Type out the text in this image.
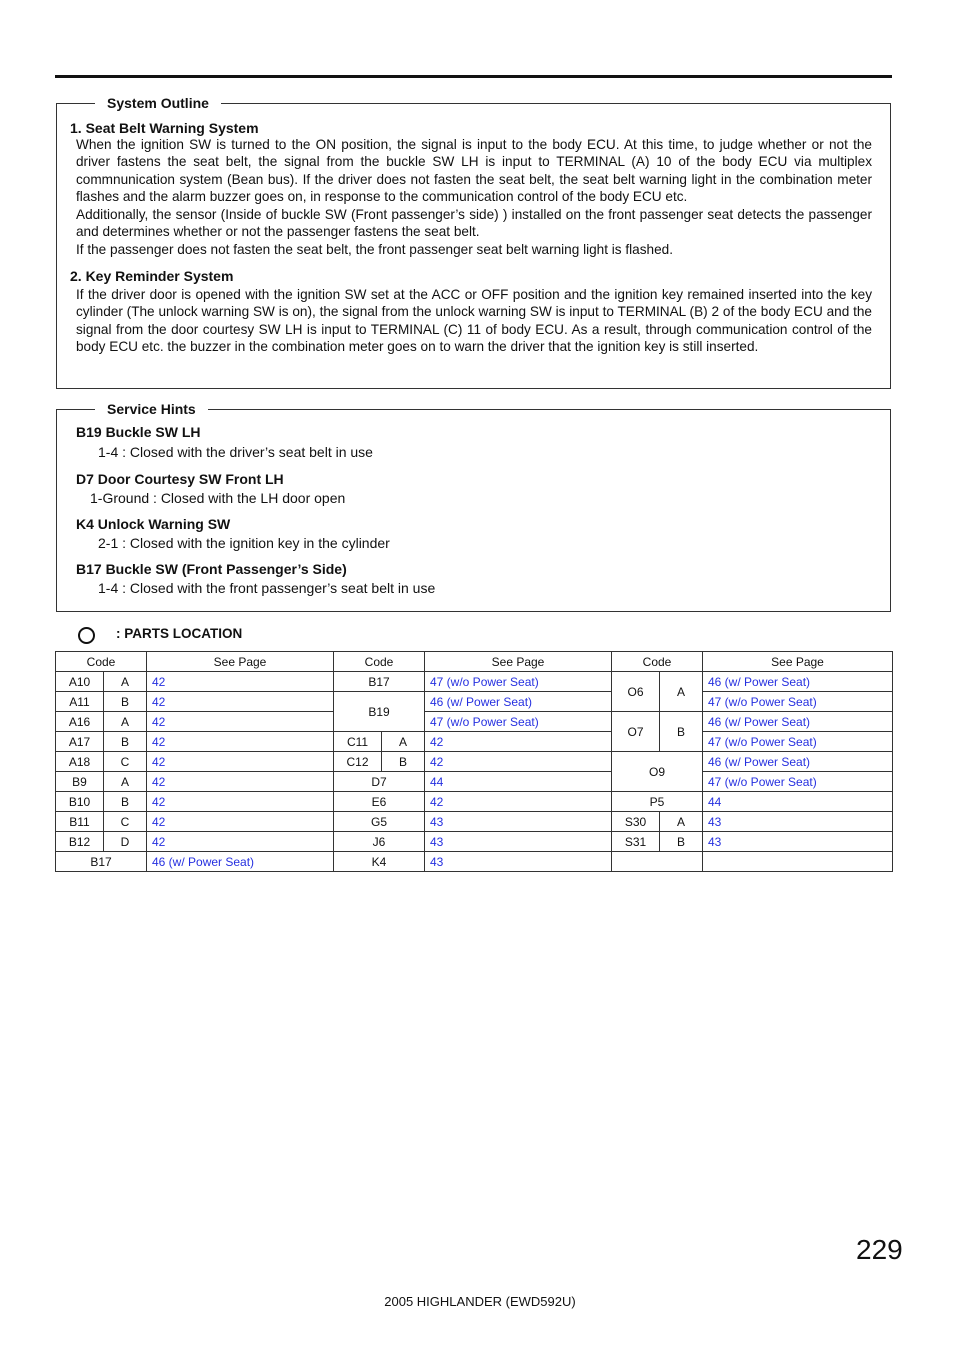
System Outline
1. Seat Belt Warning System
When the ignition SW is turned to the ON position, the signal is input to the body ECU. At this time, to judge whether or not the driver fastens the seat belt, the signal from the buckle SW LH is input to TERMINAL (A) 10 of the body ECU via multiplex commnunication system (Bean bus). If the driver does not fasten the seat belt, the seat belt warning light in the combination meter flashes and the alarm buzzer goes on, in response to the communication control of the body ECU etc.
Additionally, the sensor (Inside of buckle SW (Front passenger’s side) ) installed on the front passenger seat detects the passenger and determines whether or not the passenger fastens the seat belt.
If the passenger does not fasten the seat belt, the front passenger seat belt warning light is flashed.
2. Key Reminder System
If the driver door is opened with the ignition SW set at the ACC or OFF position and the ignition key remained inserted into the key cylinder (The unlock warning SW is on), the signal from the unlock warning SW is input to TERMINAL (B) 2 of the body ECU and the signal from the door courtesy SW LH is input to TERMINAL (C) 11 of body ECU. As a result, through communication control of the body ECU etc. the buzzer in the combination meter goes on to warn the driver that the ignition key is still inserted.
Service Hints
B19 Buckle SW LH
1-4 : Closed with the driver’s seat belt in use
D7 Door Courtesy SW Front LH
1-Ground : Closed with the LH door open
K4 Unlock Warning SW
2-1 : Closed with the ignition key in the cylinder
B17 Buckle SW (Front Passenger’s Side)
1-4 : Closed with the front passenger’s seat belt in use
: PARTS LOCATION
Code		See Page	Code		See Page	Code		See Page
A10	A	42	B17		47 (w/o Power Seat)	O6	A	46 (w/ Power Seat)
A11	B	42	B19		46 (w/ Power Seat)			47 (w/o Power Seat)
A16	A	42			47 (w/o Power Seat)	O7	B	46 (w/ Power Seat)
A17	B	42	C11	A	42			47 (w/o Power Seat)
A18	C	42	C12	B	42	O9		46 (w/ Power Seat)
B9	A	42	D7		44			47 (w/o Power Seat)
B10	B	42	E6		42	P5		44
B11	C	42	G5		43	S30	A	43
B12	D	42	J6		43	S31	B	43
B17		46 (w/ Power Seat)	K4		43			
229
2005 HIGHLANDER (EWD592U)
